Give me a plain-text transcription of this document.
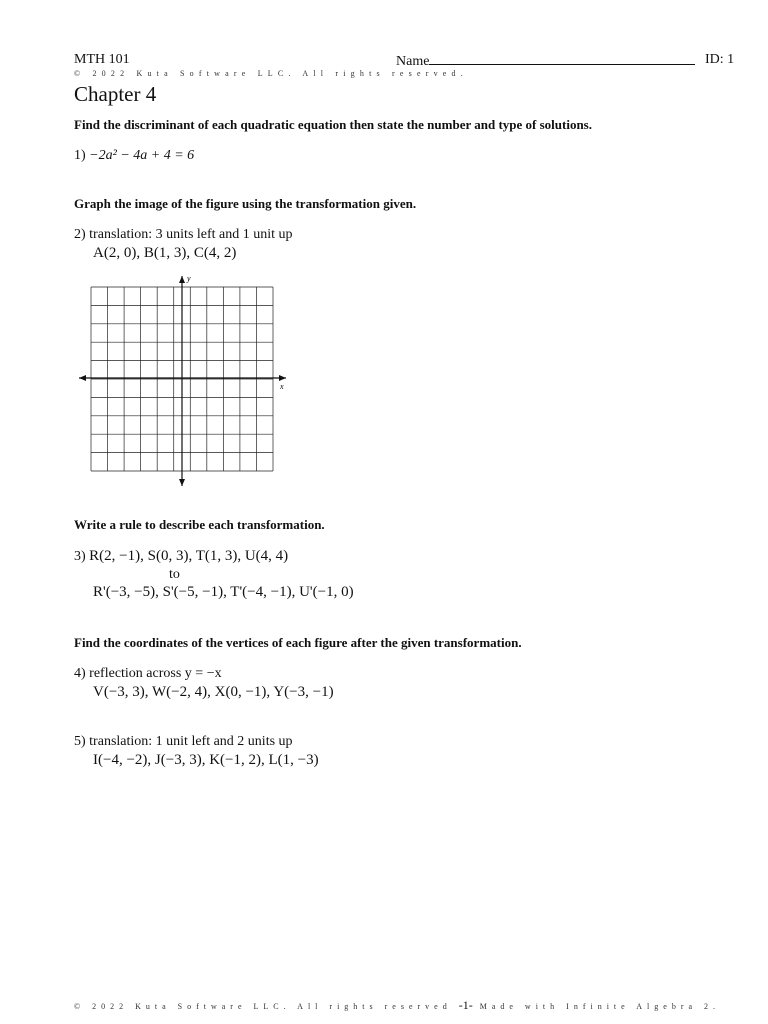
MTH 101	Name	ID: 1
© 2022 Kuta Software LLC. All rights reserved.
Chapter 4
Find the discriminant of each quadratic equation then state the number and type of solutions.
1) −2a² − 4a + 4 = 6
Graph the image of the figure using the transformation given.
2) translation: 3 units left and 1 unit up
A(2, 0), B(1, 3), C(4, 2)
x
y
Write a rule to describe each transformation.
3) R(2, −1), S(0, 3), T(1, 3), U(4, 4)
to
R'(−3, −5), S'(−5, −1), T'(−4, −1), U'(−1, 0)
Find the coordinates of the vertices of each figure after the given transformation.
4) reflection across y = −x
V(−3, 3), W(−2, 4), X(0, −1), Y(−3, −1)
5) translation: 1 unit left and 2 units up
I(−4, −2), J(−3, 3), K(−1, 2), L(1, −3)
© 2022 Kuta Software LLC. All rights reserved -1- Made with Infinite Algebra 2.
